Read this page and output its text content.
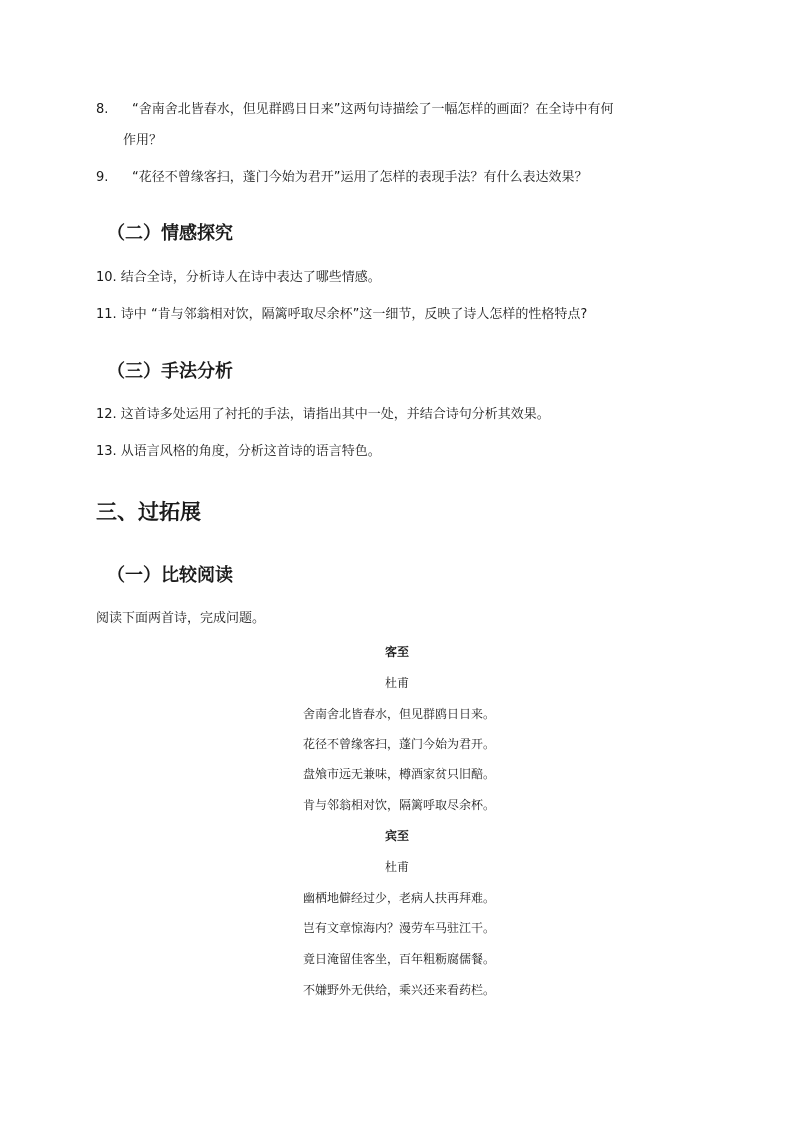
8. “舍南舍北皆春水，但见群鸥日日来”这两句诗描绘了一幅怎样的画面？在全诗中有何
作用？
9. “花径不曾缘客扫，蓬门今始为君开”运用了怎样的表现手法？有什么表达效果？
（二）情感探究
10. 结合全诗，分析诗人在诗中表达了哪些情感。
11. 诗中 “肯与邻翁相对饮，隔篱呼取尽余杯”这一细节，反映了诗人怎样的性格特点?
（三）手法分析
12. 这首诗多处运用了衬托的手法，请指出其中一处，并结合诗句分析其效果。
13. 从语言风格的角度，分析这首诗的语言特色。
三、过拓展
（一）比较阅读
阅读下面两首诗，完成问题。
客至
杜甫
舍南舍北皆春水，但见群鸥日日来。
花径不曾缘客扫，蓬门今始为君开。
盘飧市远无兼味，樽酒家贫只旧醅。
肯与邻翁相对饮，隔篱呼取尽余杯。
宾至
杜甫
幽栖地僻经过少，老病人扶再拜难。
岂有文章惊海内？漫劳车马驻江干。
竟日淹留佳客坐，百年粗粝腐儒餐。
不嫌野外无供给，乘兴还来看药栏。
